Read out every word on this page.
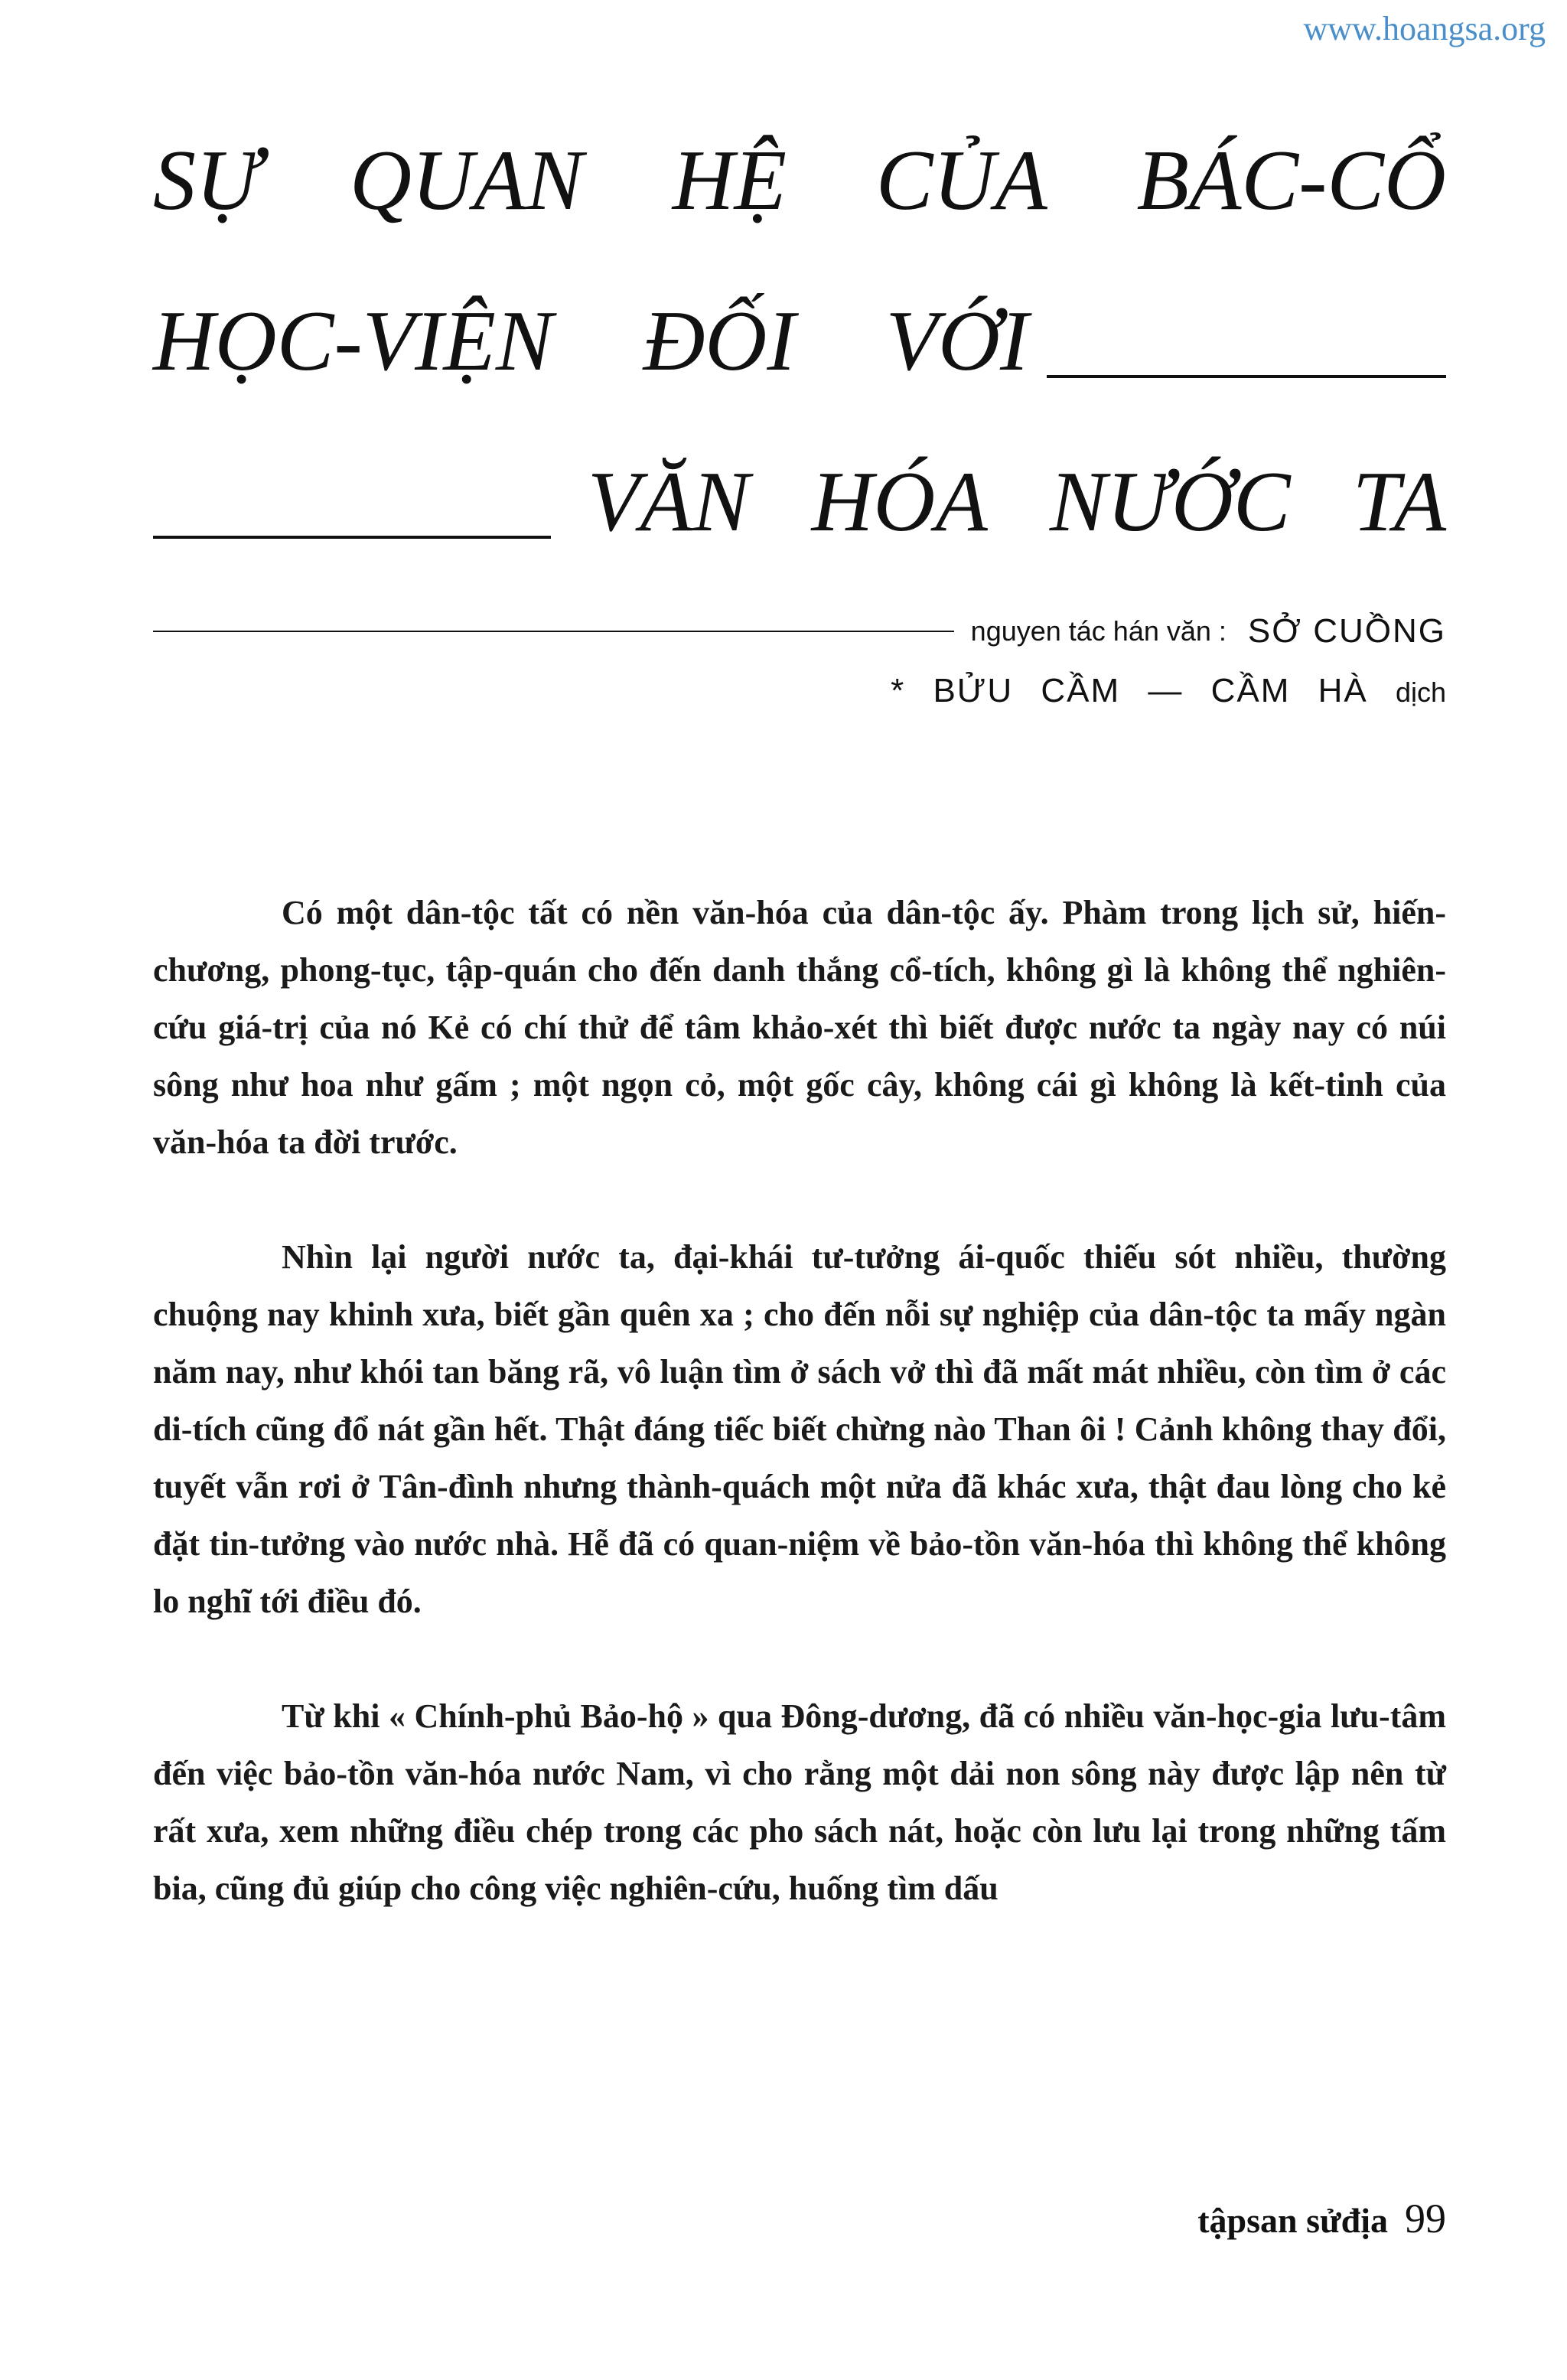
www.hoangsa.org
SỰ QUAN HỆ CỦA BÁC-CỔ
HỌC-VIỆN ĐỐI VỚI
VĂN HÓA NƯỚC TA
nguyen tác hán văn : SỞ CUỒNG
* BỬU CẦM — CẦM HÀ dịch

Có một dân-tộc tất có nền văn-hóa của dân-tộc ấy. Phàm trong lịch sử, hiến-chương, phong-tục, tập-quán cho đến danh thắng cổ-tích, không gì là không thể nghiên-cứu giá-trị của nó Kẻ có chí thử để tâm khảo-xét thì biết được nước ta ngày nay có núi sông như hoa như gấm ; một ngọn cỏ, một gốc cây, không cái gì không là kết-tinh của văn-hóa ta đời trước.

Nhìn lại người nước ta, đại-khái tư-tưởng ái-quốc thiếu sót nhiều, thường chuộng nay khinh xưa, biết gần quên xa ; cho đến nỗi sự nghiệp của dân-tộc ta mấy ngàn năm nay, như khói tan băng rã, vô luận tìm ở sách vở thì đã mất mát nhiều, còn tìm ở các di-tích cũng đổ nát gần hết. Thật đáng tiếc biết chừng nào Than ôi ! Cảnh không thay đổi, tuyết vẫn rơi ở Tân-đình nhưng thành-quách một nửa đã khác xưa, thật đau lòng cho kẻ đặt tin-tưởng vào nước nhà. Hễ đã có quan-niệm về bảo-tồn văn-hóa thì không thể không lo nghĩ tới điều đó.

Từ khi « Chính-phủ Bảo-hộ » qua Đông-dương, đã có nhiều văn-học-gia lưu-tâm đến việc bảo-tồn văn-hóa nước Nam, vì cho rằng một dải non sông này được lập nên từ rất xưa, xem những điều chép trong các pho sách nát, hoặc còn lưu lại trong những tấm bia, cũng đủ giúp cho công việc nghiên-cứu, huống tìm dấu

tậpsan sửđịa 99
